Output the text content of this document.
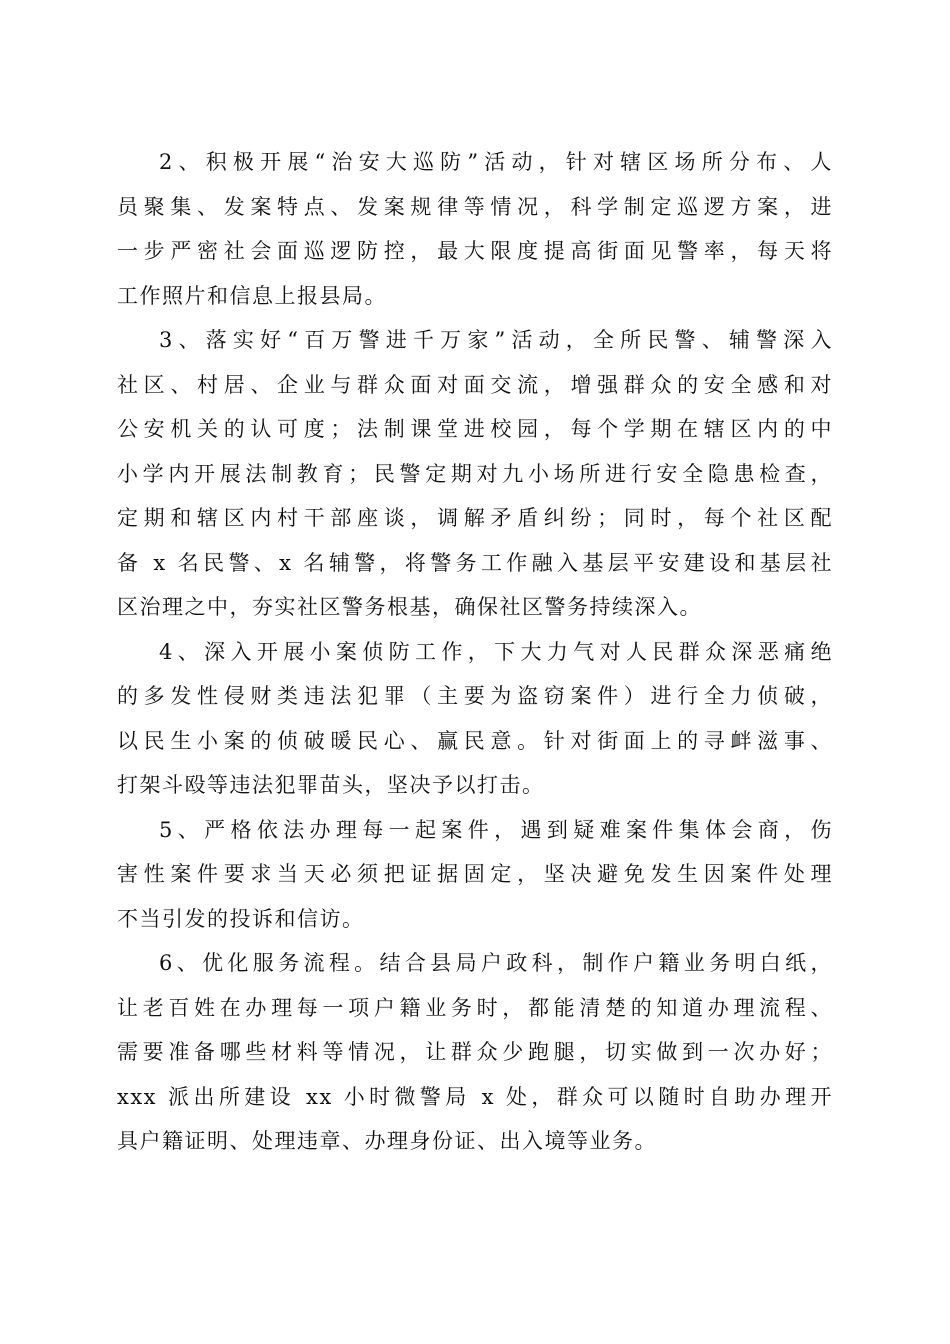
2、积极开展“治安大巡防”活动，针对辖区场所分布、人
员聚集、发案特点、发案规律等情况，科学制定巡逻方案，进
一步严密社会面巡逻防控，最大限度提高街面见警率，每天将
工作照片和信息上报县局。
3、落实好“百万警进千万家”活动，全所民警、辅警深入
社区、村居、企业与群众面对面交流，增强群众的安全感和对
公安机关的认可度；法制课堂进校园，每个学期在辖区内的中
小学内开展法制教育；民警定期对九小场所进行安全隐患检查，
定期和辖区内村干部座谈，调解矛盾纠纷；同时，每个社区配
备 x 名民警、x 名辅警，将警务工作融入基层平安建设和基层社
区治理之中，夯实社区警务根基，确保社区警务持续深入。
4、深入开展小案侦防工作，下大力气对人民群众深恶痛绝
的多发性侵财类违法犯罪（主要为盗窃案件）进行全力侦破，
以民生小案的侦破暖民心、赢民意。针对街面上的寻衅滋事、
打架斗殴等违法犯罪苗头，坚决予以打击。
5、严格依法办理每一起案件，遇到疑难案件集体会商，伤
害性案件要求当天必须把证据固定，坚决避免发生因案件处理
不当引发的投诉和信访。
6、优化服务流程。结合县局户政科，制作户籍业务明白纸，
让老百姓在办理每一项户籍业务时，都能清楚的知道办理流程、
需要准备哪些材料等情况，让群众少跑腿，切实做到一次办好；
xxx 派出所建设 xx 小时微警局 x 处，群众可以随时自助办理开
具户籍证明、处理违章、办理身份证、出入境等业务。
